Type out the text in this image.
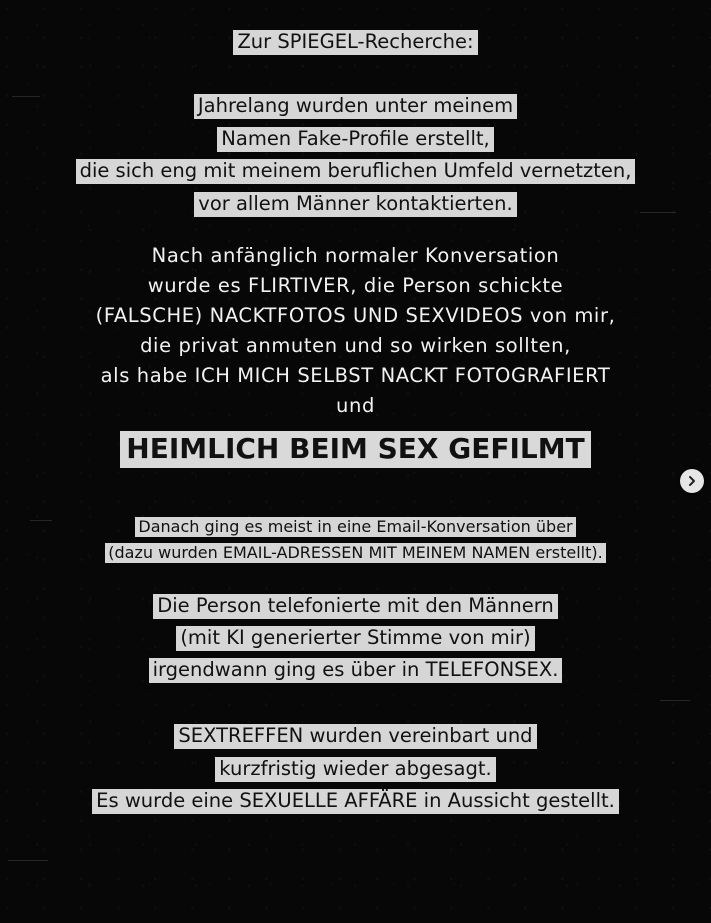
Zur SPIEGEL-Recherche:
Jahrelang wurden unter meinem
Namen Fake-Profile erstellt,
die sich eng mit meinem beruflichen Umfeld vernetzten,
vor allem Männer kontaktierten.
Nach anfänglich normaler Konversation
wurde es FLIRTIVER, die Person schickte
(FALSCHE) NACKTFOTOS UND SEXVIDEOS von mir,
die privat anmuten und so wirken sollten,
als habe ICH MICH SELBST NACKT FOTOGRAFIERT
und
HEIMLICH BEIM SEX GEFILMT
Danach ging es meist in eine Email-Konversation über
(dazu wurden EMAIL-ADRESSEN MIT MEINEM NAMEN erstellt).
Die Person telefonierte mit den Männern
(mit KI generierter Stimme von mir)
irgendwann ging es über in TELEFONSEX.
SEXTREFFEN wurden vereinbart und
kurzfristig wieder abgesagt.
Es wurde eine SEXUELLE AFFÄRE in Aussicht gestellt.
